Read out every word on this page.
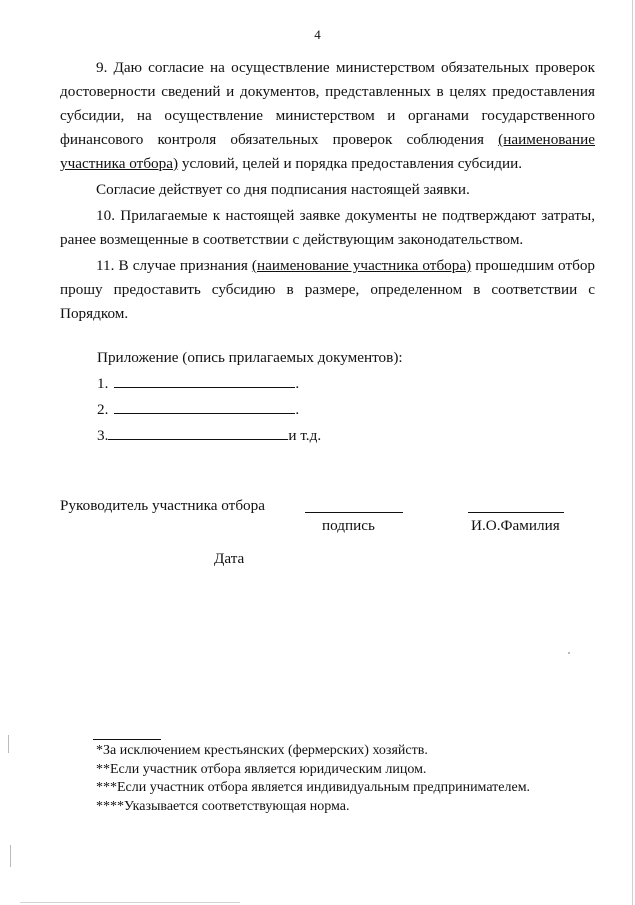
4

9. Даю согласие на осуществление министерством обязательных проверок достоверности сведений и документов, представленных в целях предоставления субсидии, на осуществление министерством и органами государственного финансового контроля обязательных проверок соблюдения (наименование участника отбора) условий, целей и порядка предоставления субсидии.

Согласие действует со дня подписания настоящей заявки.

10. Прилагаемые к настоящей заявке документы не подтверждают затраты, ранее возмещенные в соответствии с действующим законодательством.

11. В случае признания (наименование участника отбора) прошедшим отбор прошу предоставить субсидию в размере, определенном в соответствии с Порядком.

Приложение (опись прилагаемых документов):
1.	.
2.	.
3.	и т.д.
Руководитель участника отбора
подпись	И.О.Фамилия
Дата
*За исключением крестьянских (фермерских) хозяйств.
**Если участник отбора является юридическим лицом.
***Если участник отбора является индивидуальным предпринимателем.
****Указывается соответствующая норма.
